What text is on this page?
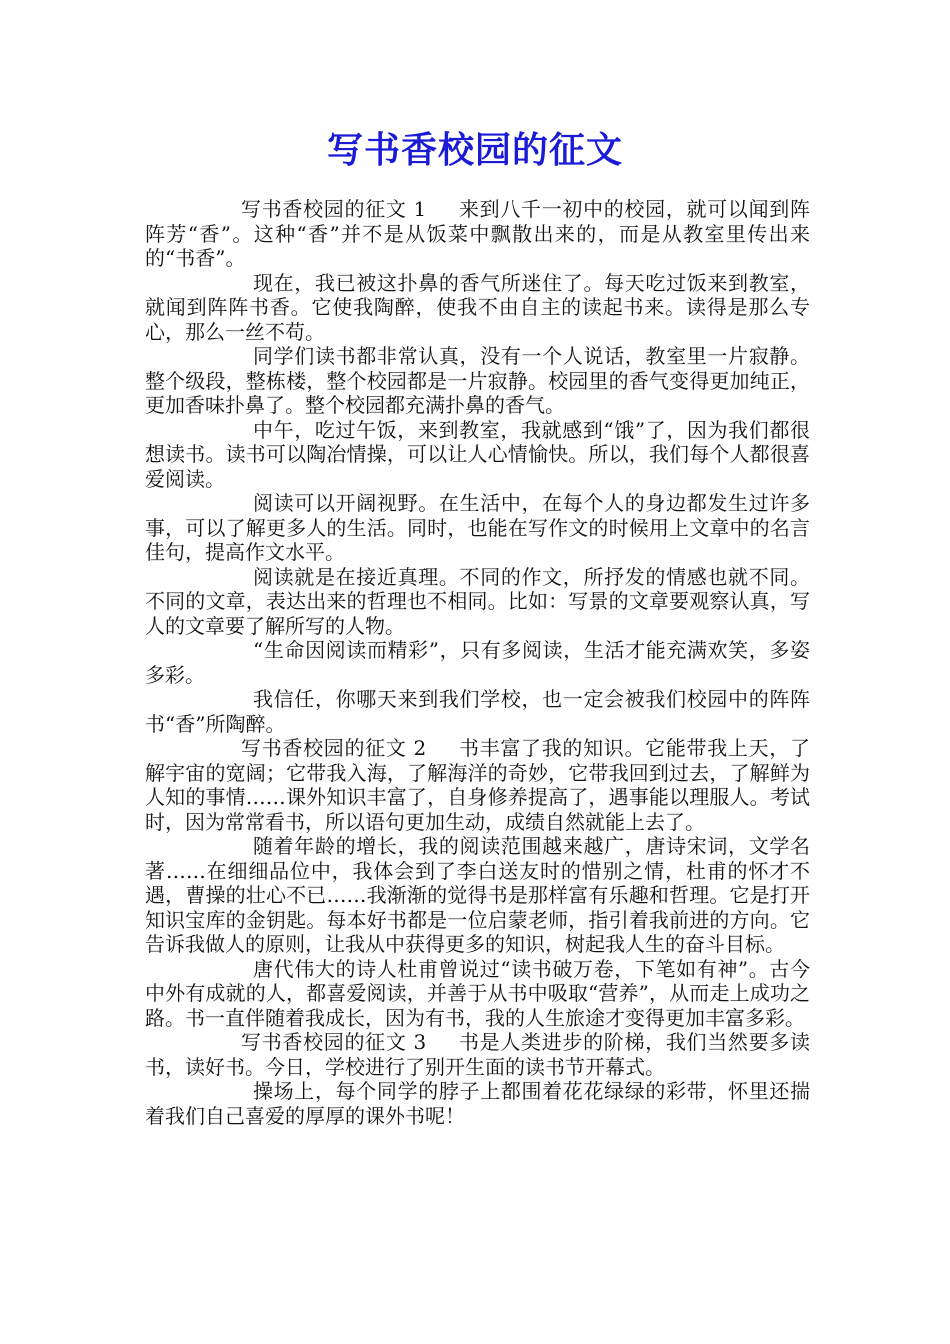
写书香校园的征文

写书香校园的征文 1 来到八千一初中的校园，就可以闻到阵阵芳“香”。这种“香”并不是从饭菜中飘散出来的，而是从教室里传出来的“书香”。

现在，我已被这扑鼻的香气所迷住了。每天吃过饭来到教室，就闻到阵阵书香。它使我陶醉，使我不由自主的读起书来。读得是那么专心，那么一丝不苟。

同学们读书都非常认真，没有一个人说话，教室里一片寂静。整个级段，整栋楼，整个校园都是一片寂静。校园里的香气变得更加纯正，更加香味扑鼻了。整个校园都充满扑鼻的香气。

中午，吃过午饭，来到教室，我就感到“饿”了，因为我们都很想读书。读书可以陶冶情操，可以让人心情愉快。所以，我们每个人都很喜爱阅读。

阅读可以开阔视野。在生活中，在每个人的身边都发生过许多事，可以了解更多人的生活。同时，也能在写作文的时候用上文章中的名言佳句，提高作文水平。

阅读就是在接近真理。不同的作文，所抒发的情感也就不同。不同的文章，表达出来的哲理也不相同。比如：写景的文章要观察认真，写人的文章要了解所写的人物。

“生命因阅读而精彩”，只有多阅读，生活才能充满欢笑，多姿多彩。

我信任，你哪天来到我们学校，也一定会被我们校园中的阵阵书“香”所陶醉。

写书香校园的征文 2 书丰富了我的知识。它能带我上天，了解宇宙的宽阔；它带我入海，了解海洋的奇妙，它带我回到过去，了解鲜为人知的事情……课外知识丰富了，自身修养提高了，遇事能以理服人。考试时，因为常常看书，所以语句更加生动，成绩自然就能上去了。

随着年龄的增长，我的阅读范围越来越广，唐诗宋词，文学名著……在细细品位中，我体会到了李白送友时的惜别之情，杜甫的怀才不遇，曹操的壮心不已……我渐渐的觉得书是那样富有乐趣和哲理。它是打开知识宝库的金钥匙。每本好书都是一位启蒙老师，指引着我前进的方向。它告诉我做人的原则，让我从中获得更多的知识，树起我人生的奋斗目标。

唐代伟大的诗人杜甫曾说过“读书破万卷，下笔如有神”。古今中外有成就的人，都喜爱阅读，并善于从书中吸取“营养”，从而走上成功之路。书一直伴随着我成长，因为有书，我的人生旅途才变得更加丰富多彩。

写书香校园的征文 3 书是人类进步的阶梯，我们当然要多读书，读好书。今日，学校进行了别开生面的读书节开幕式。

操场上，每个同学的脖子上都围着花花绿绿的彩带，怀里还揣着我们自己喜爱的厚厚的课外书呢！
